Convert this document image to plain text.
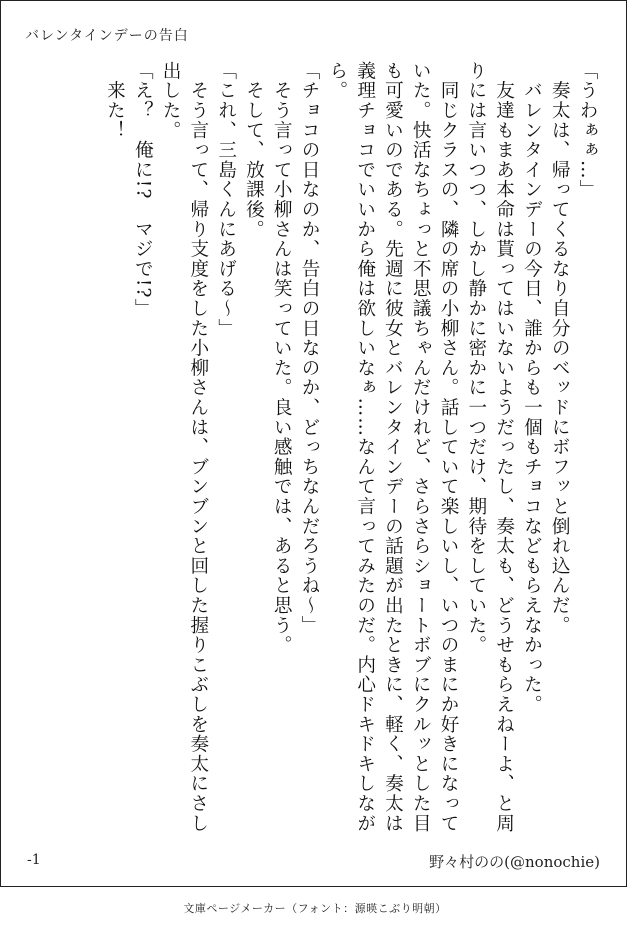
バレンタインデーの告白

「うわぁぁ…」

　奏太は、帰ってくるなり自分のベッドにボフッと倒れ込んだ。

　バレンタインデーの今日、誰からも一個もチョコなどもらえなかった。

　友達もまあ本命は貰ってはいないようだったし、奏太も、どうせもらえねーよ、と周りには言いつつ、しかし静かに密かに一つだけ、期待をしていた。

　同じクラスの、隣の席の小柳さん。話していて楽しいし、いつのまにか好きになっていた。快活なちょっと不思議ちゃんだけれど、さらさらショートボブにクルッとした目も可愛いのである。先週に彼女とバレンタインデーの話題が出たときに、軽く、奏太は義理チョコでいいから俺は欲しいなぁ……なんて言ってみたのだ。内心ドキドキしながら。

「チョコの日なのか、告白の日なのか、どっちなんだろうね〜」

　そう言って小柳さんは笑っていた。良い感触では、あると思う。

　そして、放課後。

「これ、三島くんにあげる〜」

　そう言って、帰り支度をした小柳さんは、ブンブンと回した握りこぶしを奏太にさし出した。

「え？　俺に!?　マジで!?」

　来た！

-1	野々村のの(@nonochie)
文庫ページメーカー（フォント：源暎こぶり明朝）
